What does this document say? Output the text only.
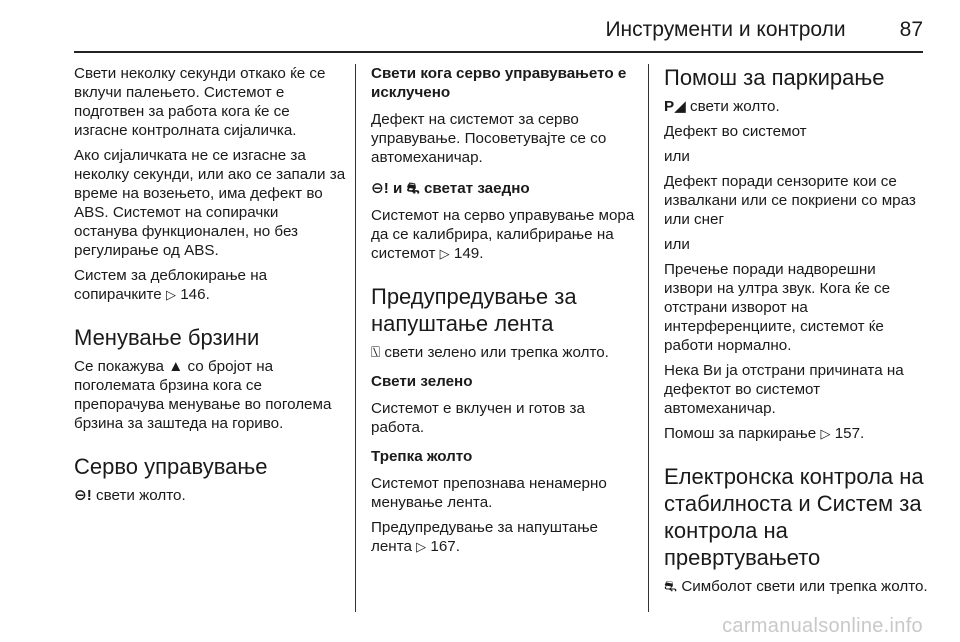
Инструменти и контроли	87

Свети неколку секунди откако ќе се вклучи палењето. Системот е подготвен за работа кога ќе се изгасне контролната сијаличка.

Ако сијаличката не се изгасне за неколку секунди, или ако се запали за време на возењето, има дефект во ABS. Системот на сопирачки останува функционален, но без регулирање од ABS.

Систем за деблокирање на сопирачките ▷ 146.

Менување брзини

Се покажува ▲ со бројот на поголемата брзина кога се препорачува менување во поголема брзина за заштеда на гориво.

Серво управување

⊖! свети жолто.

Свети кога серво управувањето е исклучено

Дефект на системот за серво управување. Посоветувајте се со автомеханичар.

⊖! и ⛐ светат заедно

Системот на серво управување мора да се калибрира, калибрирање на системот ▷ 149.

Предупредување за напуштање лента

⍂ свети зелено или трепка жолто.

Свети зелено

Системот е вклучен и готов за работа.

Трепка жолто

Системот препознава ненамерно менување лента.

Предупредување за напуштање лента ▷ 167.

Помош за паркирање

P◢ свети жолто.

Дефект во системот

или

Дефект поради сензорите кои се извалкани или се покриени со мраз или снег

или

Пречење поради надворешни извори на ултра звук. Кога ќе се отстрани изворот на интерференциите, системот ќе работи нормално.

Нека Ви ја отстрани причината на дефектот во системот автомеханичар.

Помош за паркирање ▷ 157.

Електронска контрола на стабилноста и Систем за контрола на превртувањето

⛐ Симболот свети или трепка жолто.

carmanualsonline.info
